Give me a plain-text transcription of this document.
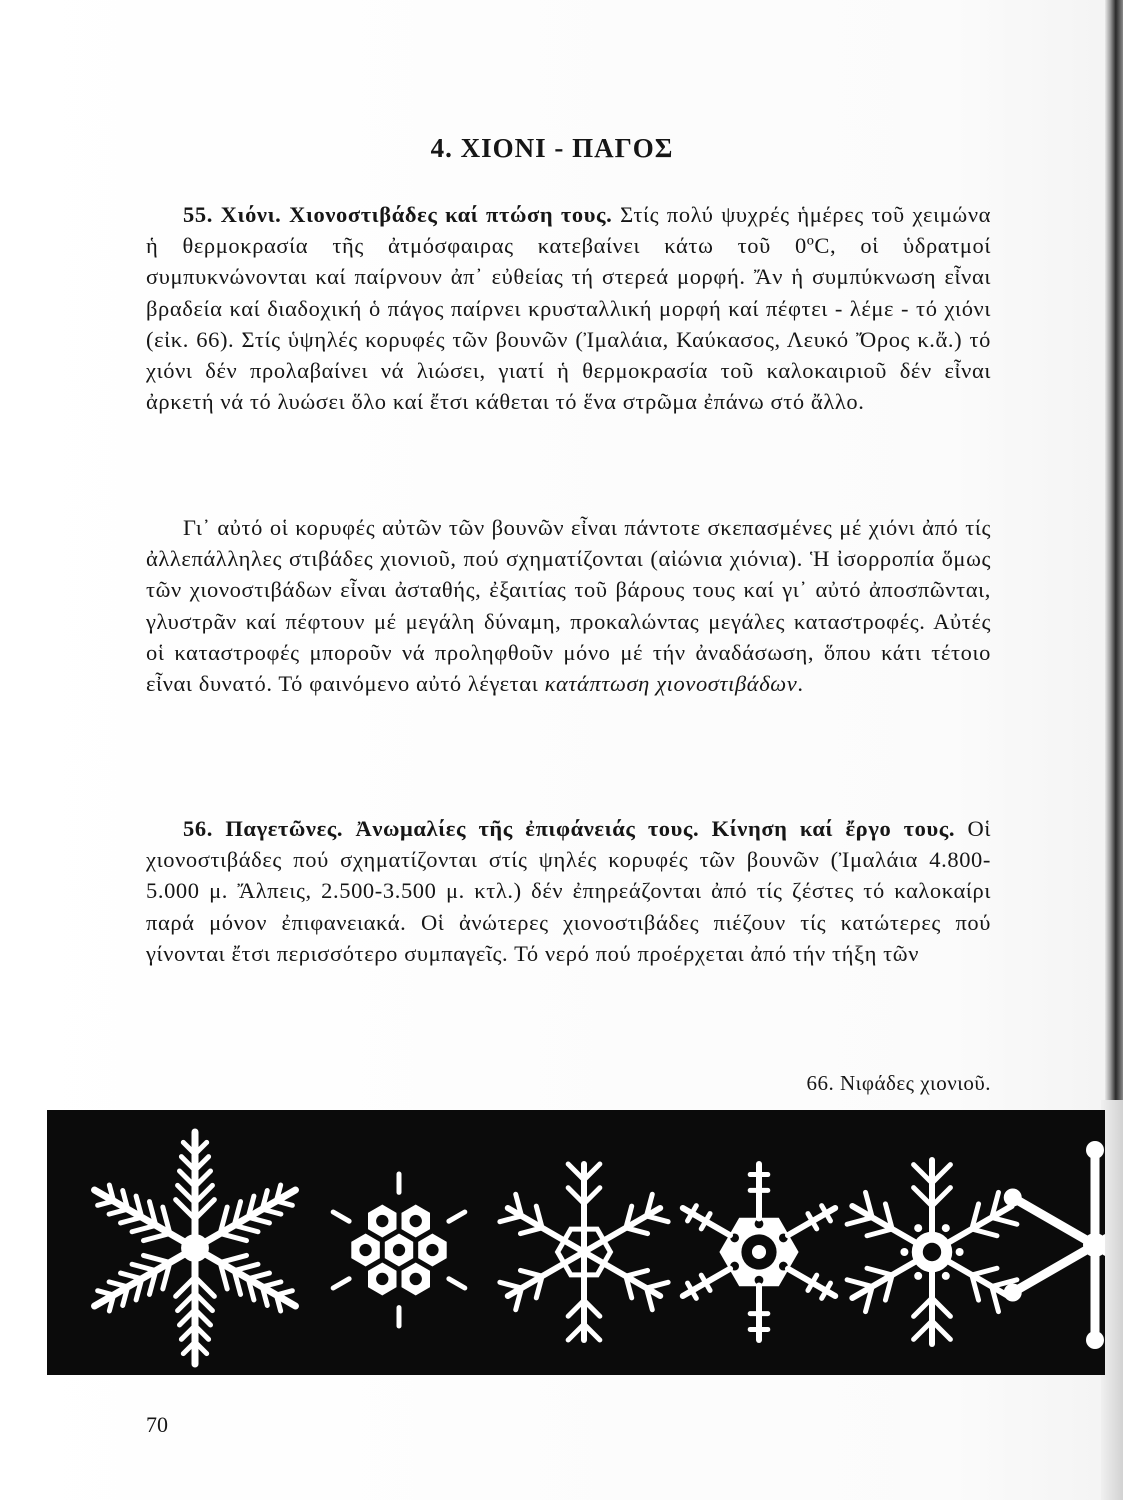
4. ΧΙΟΝΙ - ΠΑΓΟΣ

55. Χιόνι. Χιονοστιβάδες καί πτώση τους. Στίς πολύ ψυχρές ἡμέρες τοῦ χειμώνα ἡ θερμοκρασία τῆς ἀτμόσφαιρας κατεβαίνει κάτω τοῦ 0ºC, οἱ ὑδρατμοί συμπυκνώνονται καί παίρνουν ἀπ᾽ εὐθείας τή στερεά μορφή. Ἄν ἡ συμπύκνωση εἶναι βραδεία καί διαδοχική ὁ πάγος παίρνει κρυσταλλική μορφή καί πέφτει - λέμε - τό χιόνι (εἰκ. 66). Στίς ὑψηλές κορυφές τῶν βουνῶν (Ἰμαλάια, Καύκασος, Λευκό Ὄρος κ.ἄ.) τό χιόνι δέν προλαβαίνει νά λιώσει, γιατί ἡ θερμοκρασία τοῦ καλοκαιριοῦ δέν εἶναι ἀρκετή νά τό λυώσει ὅλο καί ἔτσι κάθεται τό ἕνα στρῶμα ἐπάνω στό ἄλλο.

Γι᾽ αὐτό οἱ κορυφές αὐτῶν τῶν βουνῶν εἶναι πάντοτε σκεπασμένες μέ χιόνι ἀπό τίς ἀλλεπάλληλες στιβάδες χιονιοῦ, πού σχηματίζονται (αἰώνια χιόνια). Ἡ ἰσορροπία ὅμως τῶν χιονοστιβάδων εἶναι ἀσταθής, ἐξαιτίας τοῦ βάρους τους καί γι᾽ αὐτό ἀποσπῶνται, γλυστρᾶν καί πέφτουν μέ μεγάλη δύναμη, προκαλώντας μεγάλες καταστροφές. Αὐτές οἱ καταστροφές μποροῦν νά προληφθοῦν μόνο μέ τήν ἀναδάσωση, ὅπου κάτι τέτοιο εἶναι δυνατό. Τό φαινόμενο αὐτό λέγεται κατάπτωση χιονοστιβάδων.

56. Παγετῶνες. Ἀνωμαλίες τῆς ἐπιφάνειάς τους. Κίνηση καί ἔργο τους. Οἱ χιονοστιβάδες πού σχηματίζονται στίς ψηλές κορυφές τῶν βουνῶν (Ἰμαλάια 4.800-5.000 μ. Ἄλπεις, 2.500-3.500 μ. κτλ.) δέν ἐπηρεάζονται ἀπό τίς ζέστες τό καλοκαίρι παρά μόνον ἐπιφανειακά. Οἱ ἀνώτερες χιονοστιβάδες πιέζουν τίς κατώτερες πού γίνονται ἔτσι περισσότερο συμπαγεῖς. Τό νερό πού προέρχεται ἀπό τήν τήξη τῶν

66. Νιφάδες χιονιοῦ.
70
